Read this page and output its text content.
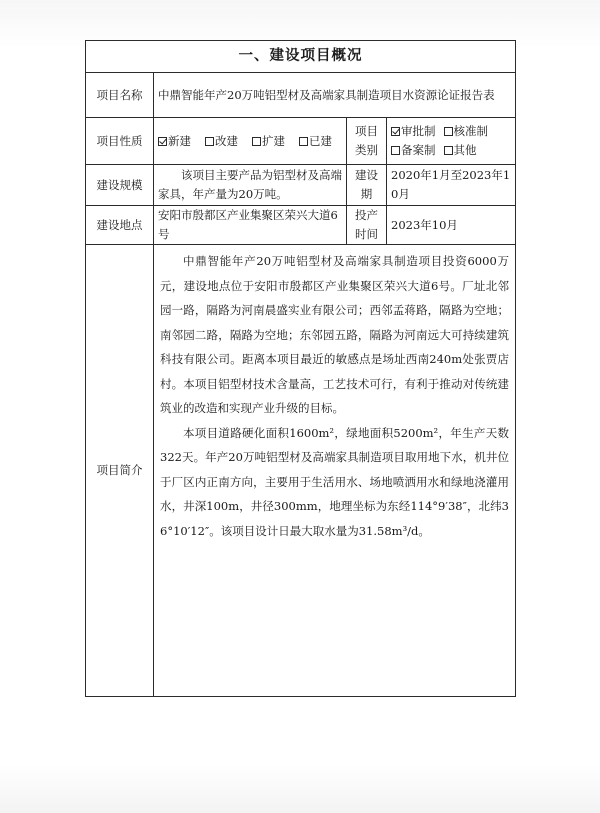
一、建设项目概况			
项目名称	中鼎智能年产20万吨铝型材及高端家具制造项目水资源论证报告表		
项目性质	新建 改建 扩建 已建	项目类别	审批制 核准制
备案制 其他

建设规模	该项目主要产品为铝型材及高端家具，年产量为20万吨。	建设期	2020年1月至2023年10月
建设地点	安阳市殷都区产业集聚区荣兴大道6号	投产时间	2023年10月
项目简介	中鼎智能年产20万吨铝型材及高端家具制造项目投资6000万元，建设地点位于安阳市殷都区产业集聚区荣兴大道6号。厂址北邻园一路，隔路为河南晨盛实业有限公司；西邻孟蒋路，隔路为空地；南邻园二路，隔路为空地；东邻园五路，隔路为河南远大可持续建筑科技有限公司。距离本项目最近的敏感点是场址西南240m处张贾店村。本项目铝型材技术含量高，工艺技术可行，有利于推动对传统建筑业的改造和实现产业升级的目标。

本项目道路硬化面积1600m²，绿地面积5200m²，年生产天数322天。年产20万吨铝型材及高端家具制造项目取用地下水，机井位于厂区内正南方向，主要用于生活用水、场地喷洒用水和绿地浇灌用水，井深100m，井径300mm，地理坐标为东经114°9′38″，北纬36°10′12″。该项目设计日最大取水量为31.58m³/d。		
